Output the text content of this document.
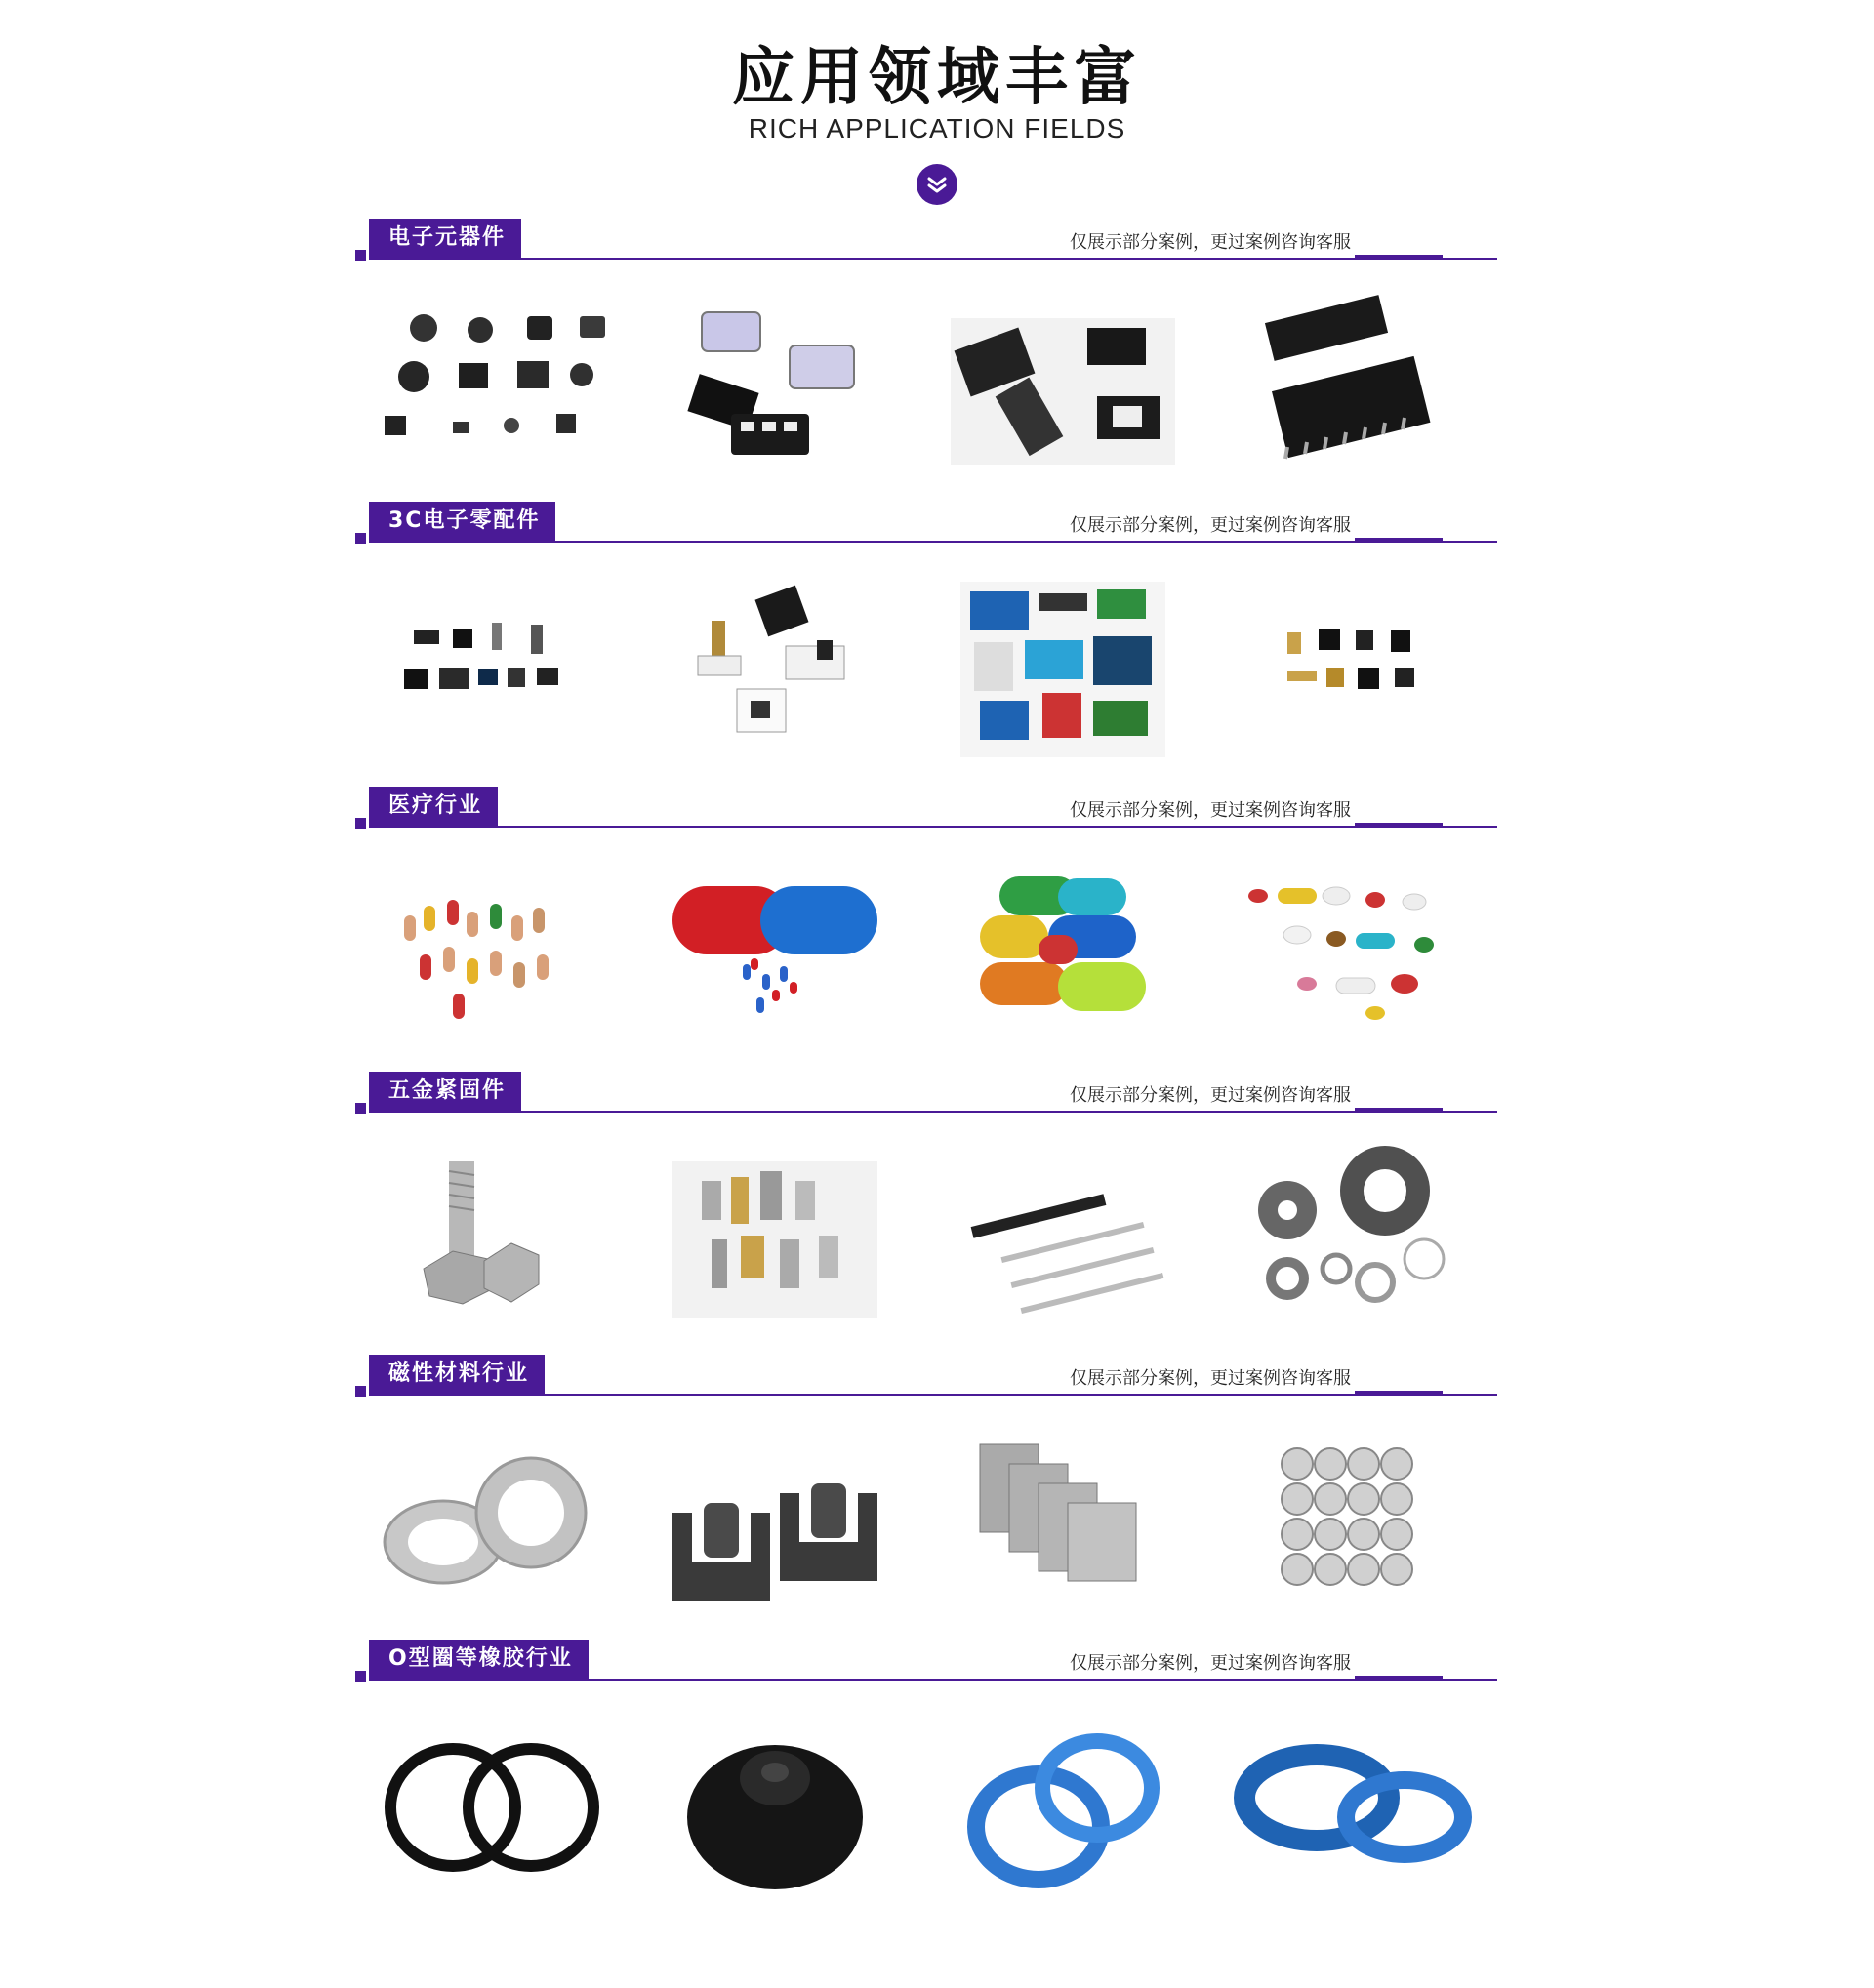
应用领域丰富
RICH APPLICATION FIELDS
电子元器件	仅展示部分案例，更过案例咨询客服
3C电子零配件	仅展示部分案例，更过案例咨询客服
医疗行业	仅展示部分案例，更过案例咨询客服
五金紧固件	仅展示部分案例，更过案例咨询客服
磁性材料行业	仅展示部分案例，更过案例咨询客服
O型圈等橡胶行业	仅展示部分案例，更过案例咨询客服
